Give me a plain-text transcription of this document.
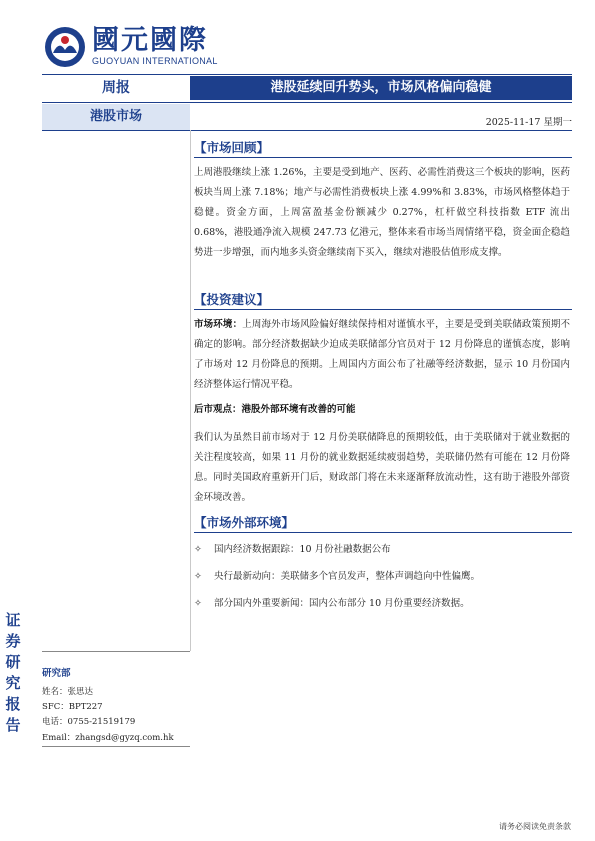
國元國際
GUOYUAN INTERNATIONAL
周报	港股延续回升势头，市场风格偏向稳健
港股市场	2025-11-17 星期一
证
券
研
究
报
告
【市场回顾】
上周港股继续上涨 1.26%，主要是受到地产、医药、必需性消费这三个板块的影响，医药板块当周上涨 7.18%；地产与必需性消费板块上涨 4.99%和 3.83%，市场风格整体趋于稳健。资金方面，上周富盈基金份额减少 0.27%，杠杆做空科技指数 ETF 流出 0.68%，港股通净流入规模 247.73 亿港元，整体来看市场当周情绪平稳，资金面企稳趋势进一步增强，而内地多头资金继续南下买入，继续对港股估值形成支撑。
【投资建议】
市场环境：上周海外市场风险偏好继续保持相对谨慎水平，主要是受到美联储政策预期不确定的影响。部分经济数据缺少迫成美联储部分官员对于 12 月份降息的谨慎态度，影响了市场对 12 月份降息的预期。上周国内方面公布了社融等经济数据，显示 10 月份国内经济整体运行情况平稳。
后市观点：港股外部环境有改善的可能
我们认为虽然目前市场对于 12 月份美联储降息的预期较低，由于美联储对于就业数据的关注程度较高，如果 11 月份的就业数据延续疲弱趋势，美联储仍然有可能在 12 月份降息。同时美国政府重新开门后，财政部门将在未来逐渐释放流动性，这有助于港股外部资金环境改善。
【市场外部环境】
✧ 国内经济数据跟踪：10 月份社融数据公布
✧ 央行最新动向：美联储多个官员发声，整体声调趋向中性偏鹰。
✧ 部分国内外重要新闻：国内公布部分 10 月份重要经济数据。
研究部
姓名：张思达
SFC：BPT227
电话：0755-21519179
Email：zhangsd@gyzq.com.hk
请务必阅读免责条款
